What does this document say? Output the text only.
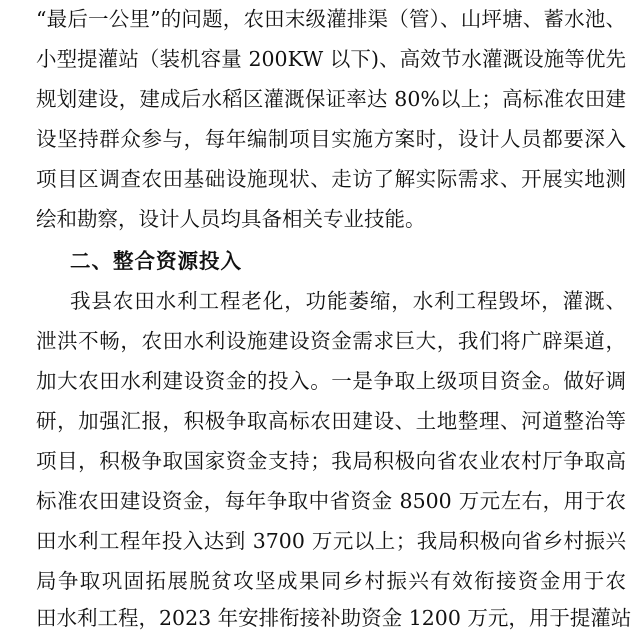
“最后一公里”的问题，农田末级灌排渠（管）、山坪塘、蓄水池、
小型提灌站（装机容量 200KW 以下)、高效节水灌溉设施等优先
规划建设，建成后水稻区灌溉保证率达 80%以上；高标准农田建
设坚持群众参与，每年编制项目实施方案时，设计人员都要深入
项目区调查农田基础设施现状、走访了解实际需求、开展实地测
绘和勘察，设计人员均具备相关专业技能。
二、整合资源投入
我县农田水利工程老化，功能萎缩，水利工程毁坏，灌溉、
泄洪不畅，农田水利设施建设资金需求巨大，我们将广辟渠道，
加大农田水利建设资金的投入。一是争取上级项目资金。做好调
研，加强汇报，积极争取高标农田建设、土地整理、河道整治等
项目，积极争取国家资金支持；我局积极向省农业农村厅争取高
标准农田建设资金，每年争取中省资金 8500 万元左右，用于农
田水利工程年投入达到 3700 万元以上；我局积极向省乡村振兴
局争取巩固拓展脱贫攻坚成果同乡村振兴有效衔接资金用于农
田水利工程，2023 年安排衔接补助资金 1200 万元，用于提灌站
